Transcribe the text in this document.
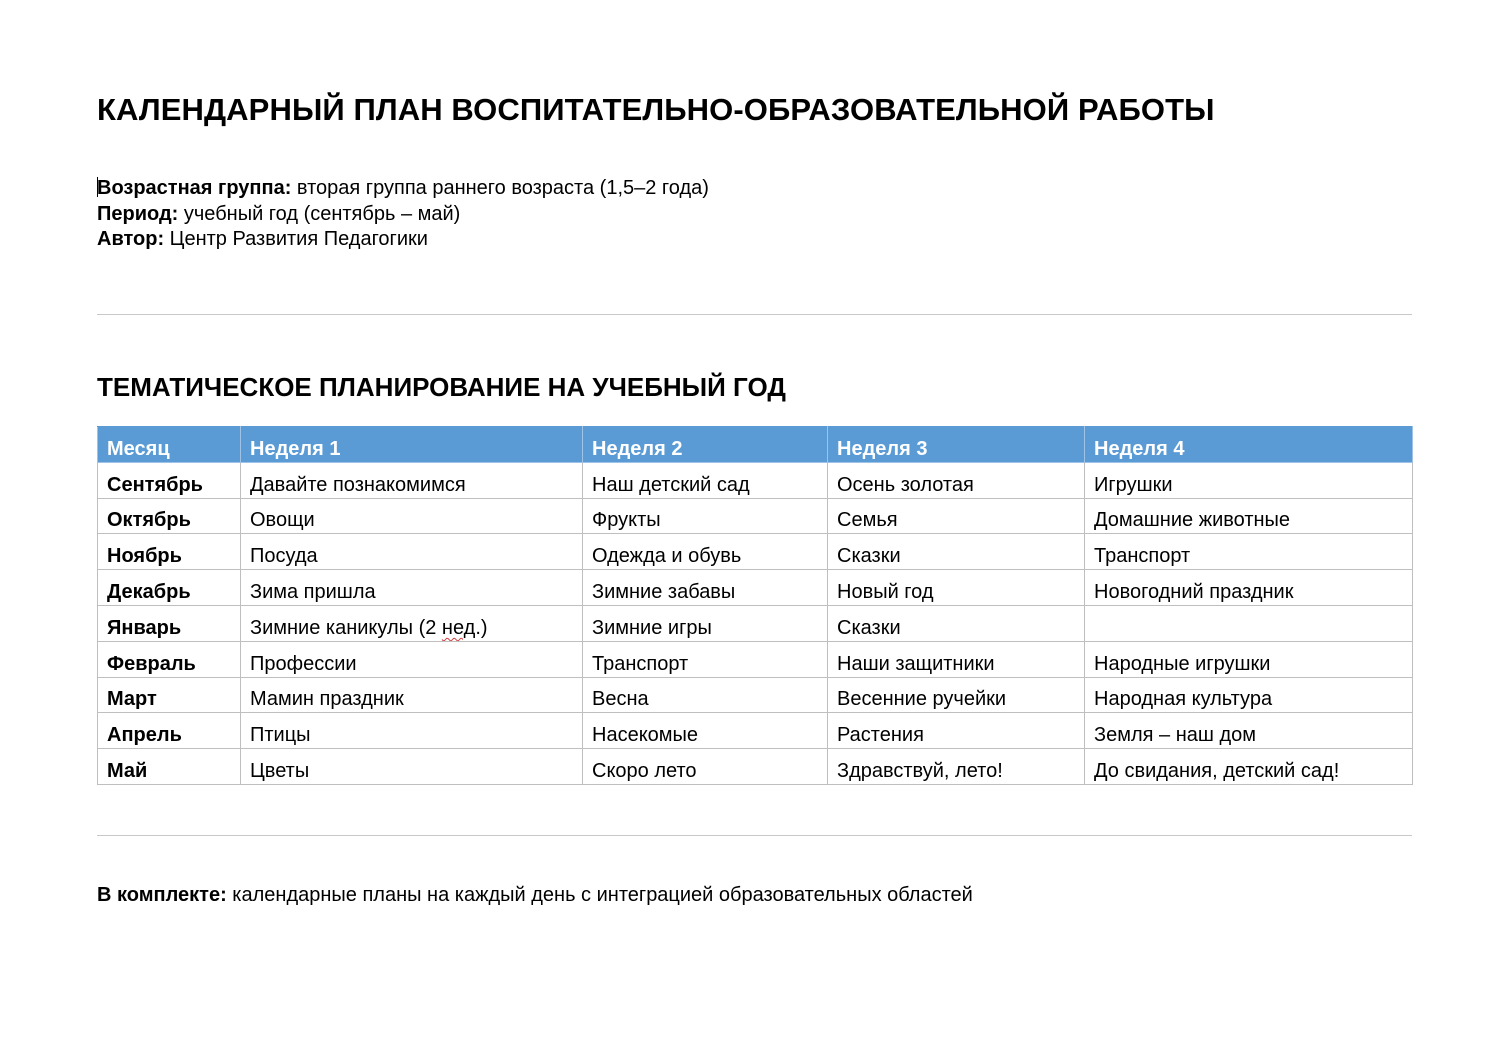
КАЛЕНДАРНЫЙ ПЛАН ВОСПИТАТЕЛЬНО-ОБРАЗОВАТЕЛЬНОЙ РАБОТЫ
Возрастная группа: вторая группа раннего возраста (1,5–2 года)
Период: учебный год (сентябрь – май)
Автор: Центр Развития Педагогики
ТЕМАТИЧЕСКОЕ ПЛАНИРОВАНИЕ НА УЧЕБНЫЙ ГОД
Месяц	Неделя 1	Неделя 2	Неделя 3	Неделя 4
Сентябрь	Давайте познакомимся	Наш детский сад	Осень золотая	Игрушки
Октябрь	Овощи	Фрукты	Семья	Домашние животные
Ноябрь	Посуда	Одежда и обувь	Сказки	Транспорт
Декабрь	Зима пришла	Зимние забавы	Новый год	Новогодний праздник
Январь	Зимние каникулы (2 нед.)	Зимние игры	Сказки	
Февраль	Профессии	Транспорт	Наши защитники	Народные игрушки
Март	Мамин праздник	Весна	Весенние ручейки	Народная культура
Апрель	Птицы	Насекомые	Растения	Земля – наш дом
Май	Цветы	Скоро лето	Здравствуй, лето!	До свидания, детский сад!
В комплекте: календарные планы на каждый день с интеграцией образовательных областей
